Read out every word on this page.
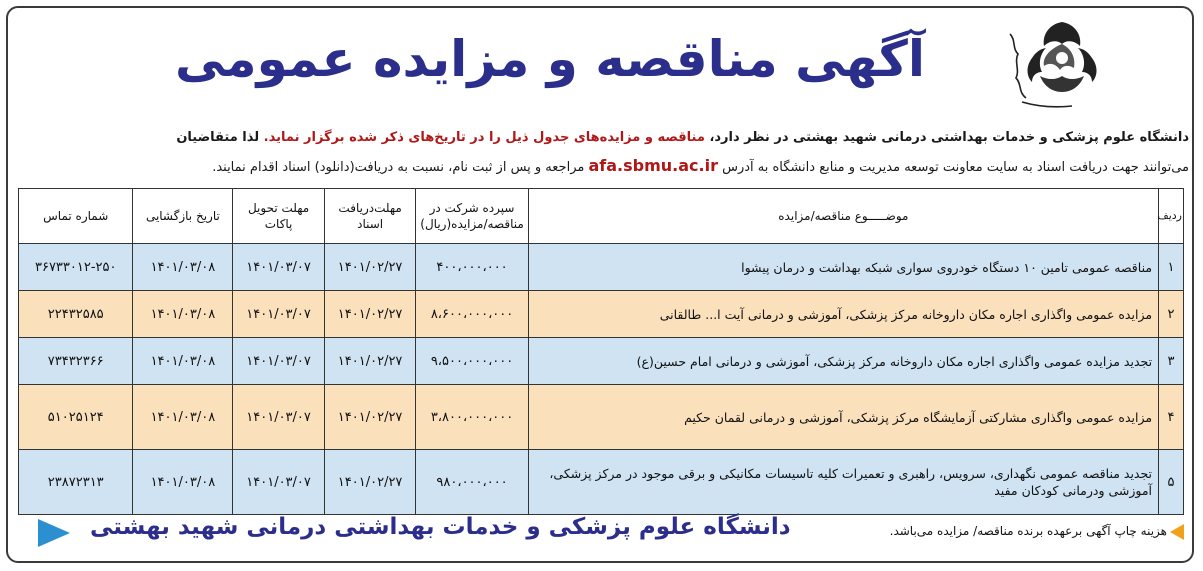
آگهی مناقصه و مزایده عمومی
دانشگاه علوم پزشکی و خدمات بهداشتی درمانی شهید بهشتی در نظر دارد، مناقصه و مزایده‌های جدول ذیل را در تاریخ‌های ذکر شده برگزار نماید. لذا متقاضیان
می‌توانند جهت دریافت اسناد به سایت معاونت توسعه مدیریت و منابع دانشگاه به آدرس afa.sbmu.ac.ir مراجعه و پس از ثبت نام، نسبت به دریافت(دانلود) اسناد اقدام نمایند.
ردیف	موضـــــوع مناقصه/مزایده	سپرده شرکت در مناقصه/مزایده(ریال)	مهلت‌دریافت اسناد	مهلت تحویل پاکات	تاریخ بازگشایی	شماره تماس
۱	مناقصه عمومی تامین ۱۰ دستگاه خودروی سواری شبکه بهداشت و درمان پیشوا	۴۰۰،۰۰۰،۰۰۰	۱۴۰۱/۰۲/۲۷	۱۴۰۱/۰۳/۰۷	۱۴۰۱/۰۳/۰۸	۳۶۷۳۳۰۱۲-۲۵۰
۲	مزایده عمومی واگذاری اجاره مکان داروخانه مرکز پزشکی، آموزشی و درمانی آیت ا... طالقانی	۸،۶۰۰،۰۰۰،۰۰۰	۱۴۰۱/۰۲/۲۷	۱۴۰۱/۰۳/۰۷	۱۴۰۱/۰۳/۰۸	۲۲۴۳۲۵۸۵
۳	تجدید مزایده عمومی واگذاری اجاره مکان داروخانه مرکز پزشکی، آموزشی و درمانی امام حسین(ع)	۹،۵۰۰،۰۰۰،۰۰۰	۱۴۰۱/۰۲/۲۷	۱۴۰۱/۰۳/۰۷	۱۴۰۱/۰۳/۰۸	۷۳۴۳۲۳۶۶
۴	مزایده عمومی واگذاری مشارکتی آزمایشگاه مرکز پزشکی، آموزشی و درمانی لقمان حکیم	۳،۸۰۰،۰۰۰،۰۰۰	۱۴۰۱/۰۲/۲۷	۱۴۰۱/۰۳/۰۷	۱۴۰۱/۰۳/۰۸	۵۱۰۲۵۱۲۴
۵	تجدید مناقصه عمومی نگهداری، سرویس، راهبری و تعمیرات کلیه تاسیسات مکانیکی و برقی موجود در مرکز پزشکی، آموزشی ودرمانی کودکان مفید	۹۸۰،۰۰۰،۰۰۰	۱۴۰۱/۰۲/۲۷	۱۴۰۱/۰۳/۰۷	۱۴۰۱/۰۳/۰۸	۲۳۸۷۲۳۱۳
هزینه چاپ آگهی برعهده برنده مناقصه/ مزایده می‌باشد.
دانشگاه علوم پزشکی و خدمات بهداشتی درمانی شهید بهشتی
